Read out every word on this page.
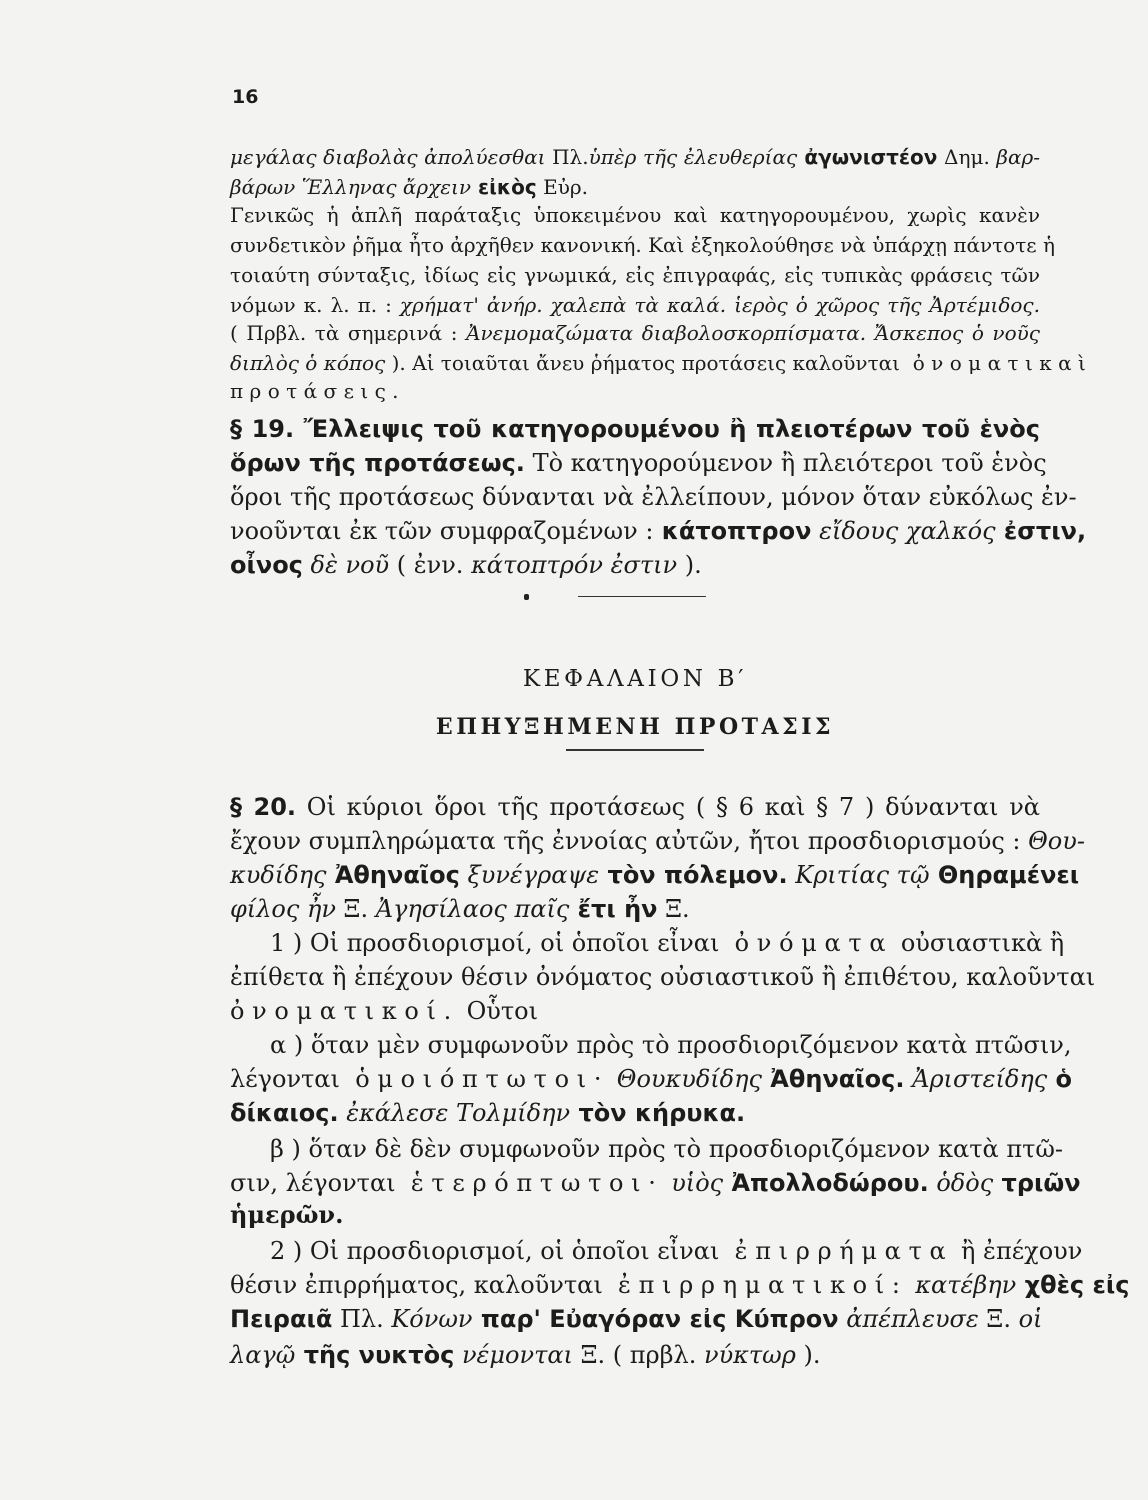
16
μεγάλας διαβολὰς ἀπολύεσθαι Πλ.ὑπὲρ τῆς ἐλευθερίας ἀγωνιστέον Δημ. βαρ-
βάρων Ἕλληνας ἄρχειν εἰκὸς Εὐρ.
Γενικῶς ἡ ἁπλῆ παράταξις ὑποκειμένου καὶ κατηγορουμένου, χωρὶς κανὲν
συνδετικὸν ῥῆμα ἦτο ἀρχῆθεν κανονική. Καὶ ἐξηκολούθησε νὰ ὑπάρχῃ πάντοτε ἡ
τοιαύτη σύνταξις, ἰδίως εἰς γνωμικά, εἰς ἐπιγραφάς, εἰς τυπικὰς φράσεις τῶν
νόμων κ. λ. π. : χρήματ' ἀνήρ. χαλεπὰ τὰ καλά. ἱερὸς ὁ χῶρος τῆς Ἀρτέμιδος.
( Πρβλ. τὰ σημερινά : Ἀνεμομαζώματα διαβολοσκορπίσματα. Ἄσκεπος ὁ νοῦς
διπλὸς ὁ κόπος ). Αἱ τοιαῦται ἄνευ ῥήματος προτάσεις καλοῦνται ὀνοματικαὶ
προτάσεις.
§ 19. Ἔλλειψις τοῦ κατηγορουμένου ἢ πλειοτέρων τοῦ ἑνὸς
ὅρων τῆς προτάσεως. Τὸ κατηγορούμενον ἢ πλειότεροι τοῦ ἑνὸς
ὅροι τῆς προτάσεως δύνανται νὰ ἐλλείπουν, μόνον ὅταν εὐκόλως ἐν-
νοοῦνται ἐκ τῶν συμφραζομένων : κάτοπτρον εἴδους χαλκός ἐστιν,
οἶνος δὲ νοῦ ( ἐνν. κάτοπτρόν ἐστιν ).
ΚΕΦΑΛΑΙΟΝ Β′
ΕΠΗΥΞΗΜΕΝΗ ΠΡΟΤΑΣΙΣ
§ 20. Οἱ κύριοι ὅροι τῆς προτάσεως ( § 6 καὶ § 7 ) δύνανται νὰ
ἔχουν συμπληρώματα τῆς ἐννοίας αὐτῶν, ἤτοι προσδιορισμούς : Θου-
κυδίδης Ἀθηναῖος ξυνέγραψε τὸν πόλεμον. Κριτίας τῷ Θηραμένει
φίλος ἦν Ξ. Ἀγησίλαος παῖς ἔτι ἦν Ξ.
1 ) Οἱ προσδιορισμοί, οἱ ὁποῖοι εἶναι ὀνόματα οὐσιαστικὰ ἢ
ἐπίθετα ἢ ἐπέχουν θέσιν ὀνόματος οὐσιαστικοῦ ἢ ἐπιθέτου, καλοῦνται
ὀνοματικοί. Οὗτοι
α ) ὅταν μὲν συμφωνοῦν πρὸς τὸ προσδιοριζόμενον κατὰ πτῶσιν,
λέγονται ὁμοιόπτωτοι· Θουκυδίδης Ἀθηναῖος. Ἀριστείδης ὁ
δίκαιος. ἐκάλεσε Τολμίδην τὸν κήρυκα.
β ) ὅταν δὲ δὲν συμφωνοῦν πρὸς τὸ προσδιοριζόμενον κατὰ πτῶ-
σιν, λέγονται ἑτερόπτωτοι· υἱὸς Ἀπολλοδώρου. ὁδὸς τριῶν
ἡμερῶν.
2 ) Οἱ προσδιορισμοί, οἱ ὁποῖοι εἶναι ἐπιρρήματα ἢ ἐπέχουν
θέσιν ἐπιρρήματος, καλοῦνται ἐπιρρηματικοί: κατέβην χθὲς εἰς
Πειραιᾶ Πλ. Κόνων παρ' Εὐαγόραν εἰς Κύπρον ἀπέπλευσε Ξ. οἱ
λαγῷ τῆς νυκτὸς νέμονται Ξ. ( πρβλ. νύκτωρ ).
